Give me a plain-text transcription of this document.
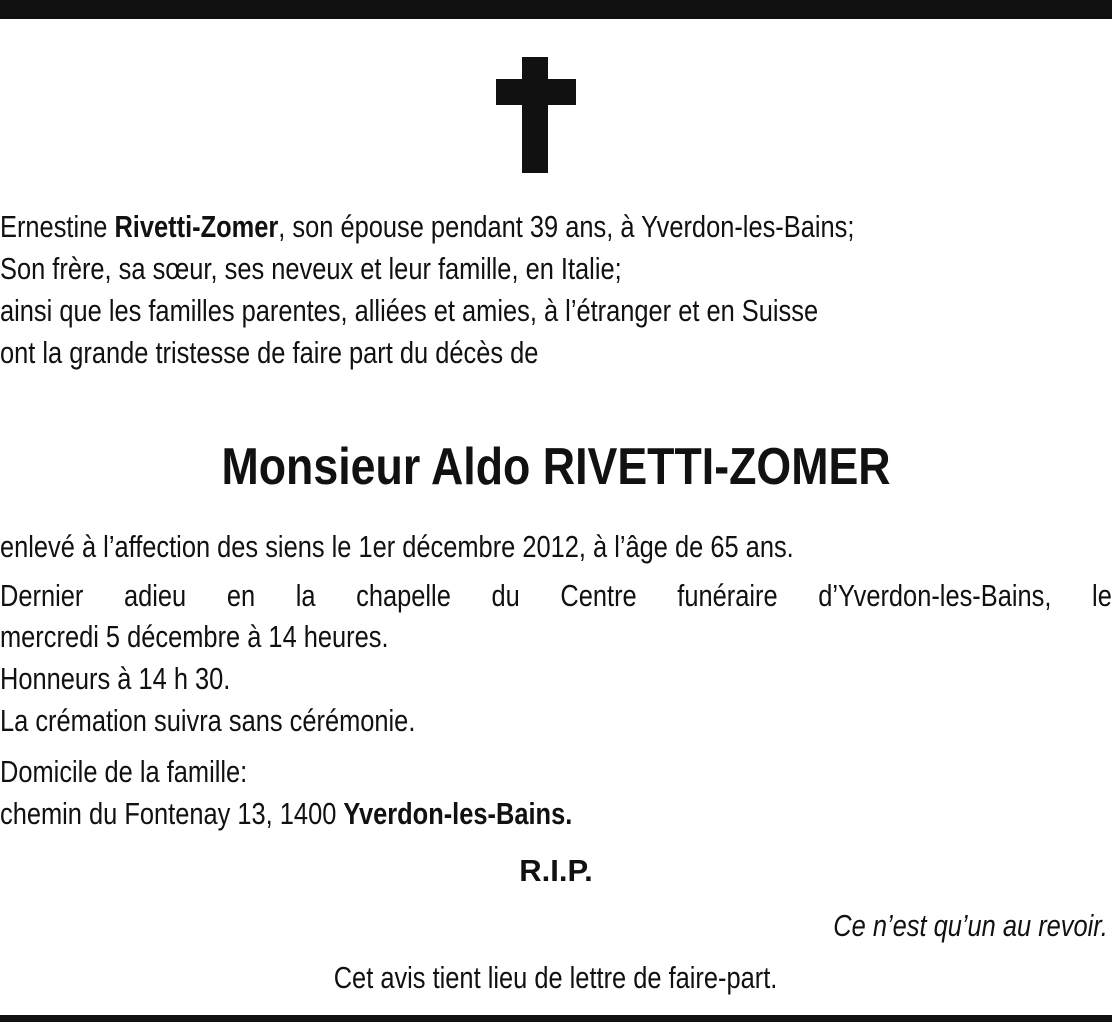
Ernestine Rivetti-Zomer, son épouse pendant 39 ans, à Yverdon-les-Bains;

Son frère, sa sœur, ses neveux et leur famille, en Italie;

ainsi que les familles parentes, alliées et amies, à l’étranger et en Suisse

ont la grande tristesse de faire part du décès de

Monsieur Aldo RIVETTI-ZOMER

enlevé à l’affection des siens le 1er décembre 2012, à l’âge de 65 ans.

Dernier adieu en la chapelle du Centre funéraire d’Yverdon-les-Bains, le

mercredi 5 décembre à 14 heures.

Honneurs à 14 h 30.

La crémation suivra sans cérémonie.

Domicile de la famille:

chemin du Fontenay 13, 1400 Yverdon-les-Bains.

R.I.P.
Ce n’est qu’un au revoir.
Cet avis tient lieu de lettre de faire-part.
